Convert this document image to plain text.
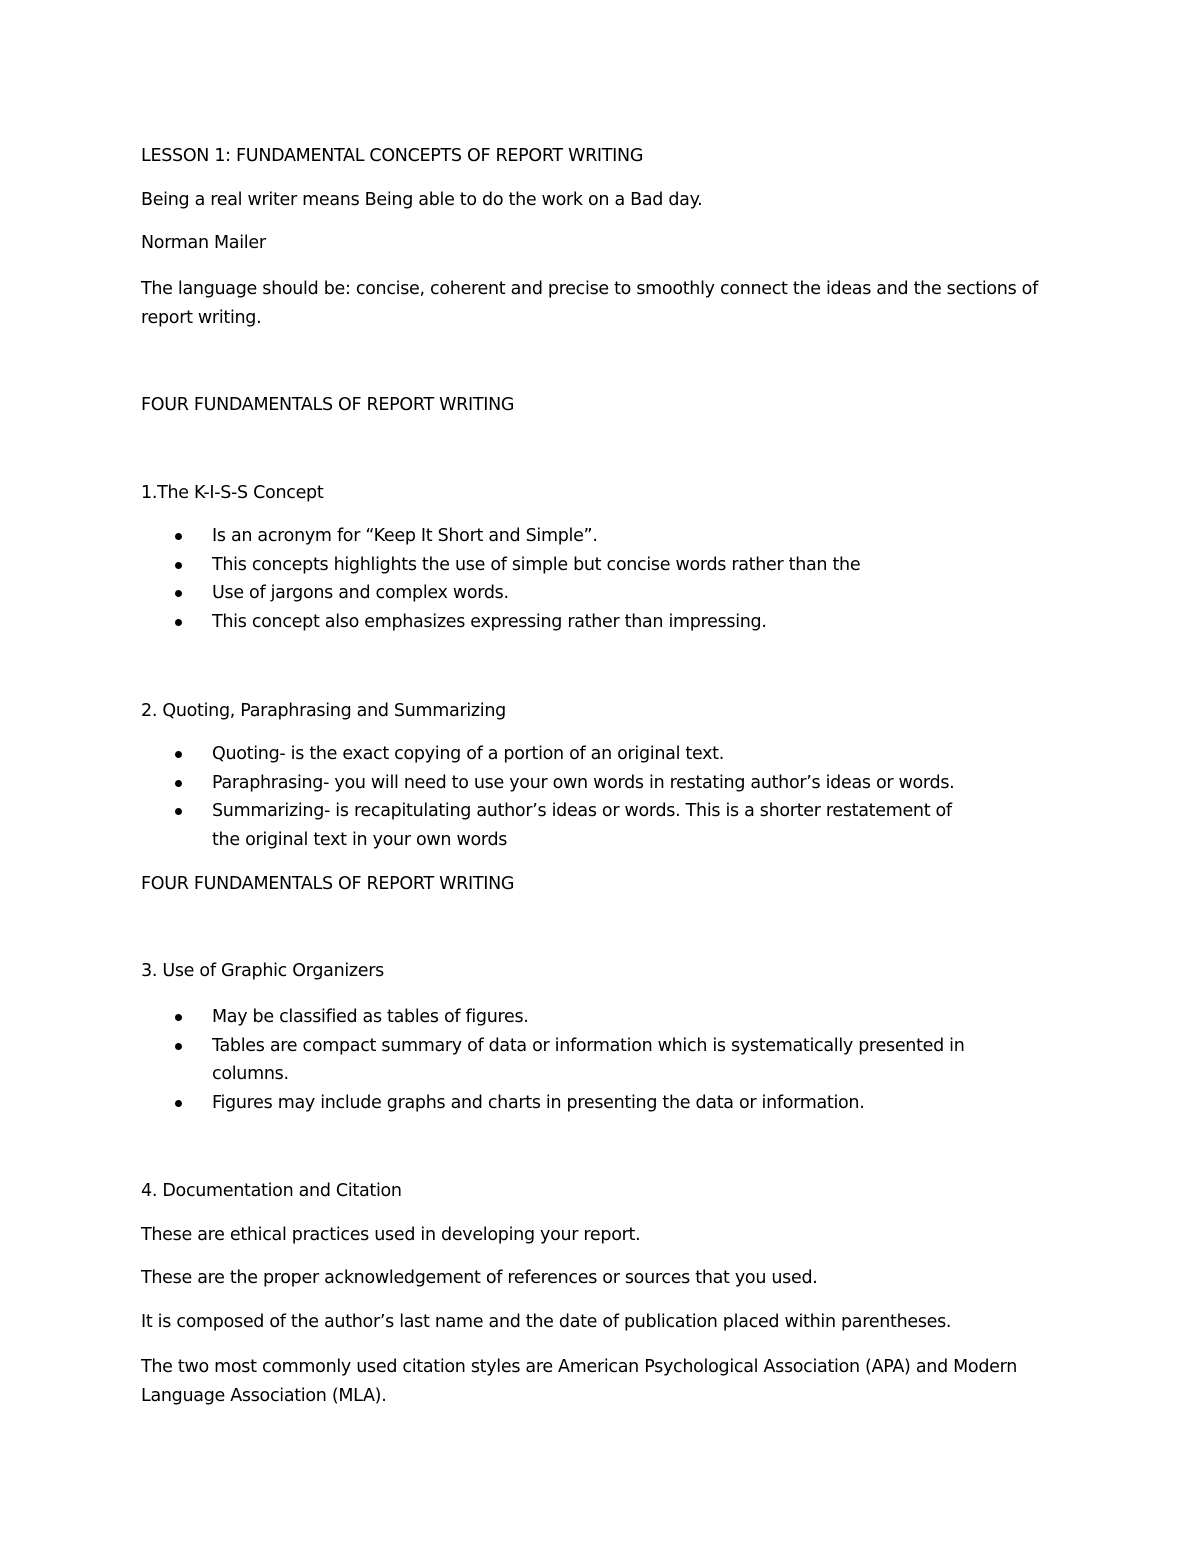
LESSON 1: FUNDAMENTAL CONCEPTS OF REPORT WRITING
Being a real writer means Being able to do the work on a Bad day.
Norman Mailer
The language should be: concise, coherent and precise to smoothly connect the ideas and the sections of report writing.
FOUR FUNDAMENTALS OF REPORT WRITING
1.The K-I-S-S Concept
Is an acronym for “Keep It Short and Simple”.
This concepts highlights the use of simple but concise words rather than the
Use of jargons and complex words.
This concept also emphasizes expressing rather than impressing.
2. Quoting, Paraphrasing and Summarizing
Quoting- is the exact copying of a portion of an original text.
Paraphrasing- you will need to use your own words in restating author’s ideas or words.
Summarizing- is recapitulating author’s ideas or words. This is a shorter restatement of the original text in your own words
FOUR FUNDAMENTALS OF REPORT WRITING
3. Use of Graphic Organizers
May be classified as tables of figures.
Tables are compact summary of data or information which is systematically presented in columns.
Figures may include graphs and charts in presenting the data or information.
4. Documentation and Citation
These are ethical practices used in developing your report.
These are the proper acknowledgement of references or sources that you used.
It is composed of the author’s last name and the date of publication placed within parentheses.
The two most commonly used citation styles are American Psychological Association (APA) and Modern Language Association (MLA).
